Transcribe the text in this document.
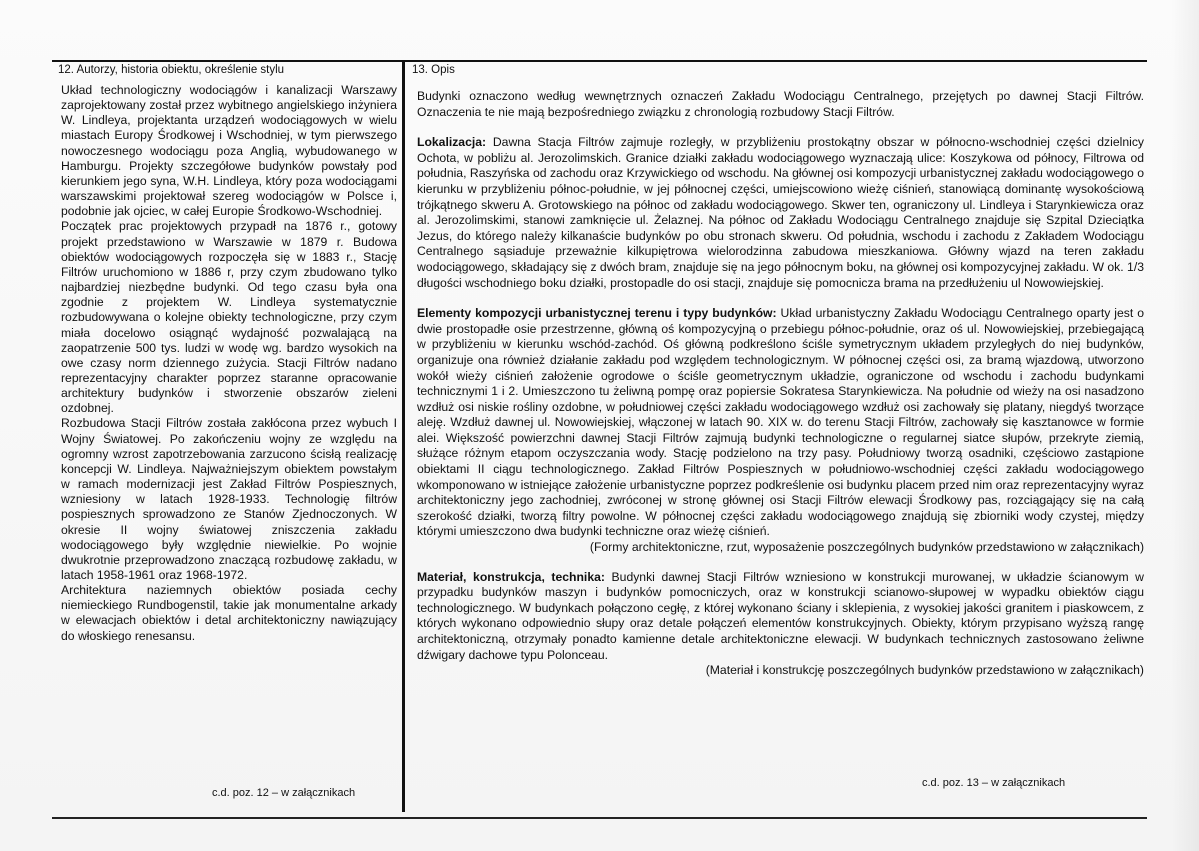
12. Autorzy, historia obiektu, określenie stylu	13. Opis

Układ technologiczny wodociągów i kanalizacji Warszawy zaprojektowany został przez wybitnego angielskiego inżyniera W. Lindleya, projektanta urządzeń wodociągowych w wielu miastach Europy Środkowej i Wschodniej, w tym pierwszego nowoczesnego wodociągu poza Anglią, wybudowanego w Hamburgu. Projekty szczegółowe budynków powstały pod kierunkiem jego syna, W.H. Lindleya, który poza wodociągami warszawskimi projektował szereg wodociągów w Polsce i, podobnie jak ojciec, w całej Europie Środkowo-Wschodniej.

Początek prac projektowych przypadł na 1876 r., gotowy projekt przedstawiono w Warszawie w 1879 r. Budowa obiektów wodociągowych rozpoczęła się w 1883 r., Stację Filtrów uruchomiono w 1886 r, przy czym zbudowano tylko najbardziej niezbędne budynki. Od tego czasu była ona zgodnie z projektem W. Lindleya systematycznie rozbudowywana o kolejne obiekty technologiczne, przy czym miała docelowo osiągnąć wydajność pozwalającą na zaopatrzenie 500 tys. ludzi w wodę wg. bardzo wysokich na owe czasy norm dziennego zużycia. Stacji Filtrów nadano reprezentacyjny charakter poprzez staranne opracowanie architektury budynków i stworzenie obszarów zieleni ozdobnej.

Rozbudowa Stacji Filtrów została zakłócona przez wybuch I Wojny Światowej. Po zakończeniu wojny ze względu na ogromny wzrost zapotrzebowania zarzucono ścisłą realizację koncepcji W. Lindleya. Najważniejszym obiektem powstałym w ramach modernizacji jest Zakład Filtrów Pospiesznych, wzniesiony w latach 1928-1933. Technologię filtrów pospiesznych sprowadzono ze Stanów Zjednoczonych. W okresie II wojny światowej zniszczenia zakładu wodociągowego były względnie niewielkie. Po wojnie dwukrotnie przeprowadzono znaczącą rozbudowę zakładu, w latach 1958-1961 oraz 1968-1972.

Architektura naziemnych obiektów posiada cechy niemieckiego Rundbogenstil, takie jak monumentalne arkady w elewacjach obiektów i detal architektoniczny nawiązujący do włoskiego renesansu.

c.d. poz. 12 – w załącznikach

Budynki oznaczono według wewnętrznych oznaczeń Zakładu Wodociągu Centralnego, przejętych po dawnej Stacji Filtrów. Oznaczenia te nie mają bezpośredniego związku z chronologią rozbudowy Stacji Filtrów.

Lokalizacja: Dawna Stacja Filtrów zajmuje rozległy, w przybliżeniu prostokątny obszar w północno-wschodniej części dzielnicy Ochota, w pobliżu al. Jerozolimskich. Granice działki zakładu wodociągowego wyznaczają ulice: Koszykowa od północy, Filtrowa od południa, Raszyńska od zachodu oraz Krzywickiego od wschodu. Na głównej osi kompozycji urbanistycznej zakładu wodociągowego o kierunku w przybliżeniu północ-południe, w jej północnej części, umiejscowiono wieżę ciśnień, stanowiącą dominantę wysokościową trójkątnego skweru A. Grotowskiego na północ od zakładu wodociągowego. Skwer ten, ograniczony ul. Lindleya i Starynkiewicza oraz al. Jerozolimskimi, stanowi zamknięcie ul. Żelaznej. Na północ od Zakładu Wodociągu Centralnego znajduje się Szpital Dzieciątka Jezus, do którego należy kilkanaście budynków po obu stronach skweru. Od południa, wschodu i zachodu z Zakładem Wodociągu Centralnego sąsiaduje przeważnie kilkupiętrowa wielorodzinna zabudowa mieszkaniowa. Główny wjazd na teren zakładu wodociągowego, składający się z dwóch bram, znajduje się na jego północnym boku, na głównej osi kompozycyjnej zakładu. W ok. 1/3 długości wschodniego boku działki, prostopadle do osi stacji, znajduje się pomocnicza brama na przedłużeniu ul Nowowiejskiej.

Elementy kompozycji urbanistycznej terenu i typy budynków: Układ urbanistyczny Zakładu Wodociągu Centralnego oparty jest o dwie prostopadłe osie przestrzenne, główną oś kompozycyjną o przebiegu północ-południe, oraz oś ul. Nowowiejskiej, przebiegającą w przybliżeniu w kierunku wschód-zachód. Oś główną podkreślono ściśle symetrycznym układem przyległych do niej budynków, organizuje ona również działanie zakładu pod względem technologicznym. W północnej części osi, za bramą wjazdową, utworzono wokół wieży ciśnień założenie ogrodowe o ściśle geometrycznym układzie, ograniczone od wschodu i zachodu budynkami technicznymi 1 i 2. Umieszczono tu żeliwną pompę oraz popiersie Sokratesa Starynkiewicza. Na południe od wieży na osi nasadzono wzdłuż osi niskie rośliny ozdobne, w południowej części zakładu wodociągowego wzdłuż osi zachowały się platany, niegdyś tworzące aleję. Wzdłuż dawnej ul. Nowowiejskiej, włączonej w latach 90. XIX w. do terenu Stacji Filtrów, zachowały się kasztanowce w formie alei. Większość powierzchni dawnej Stacji Filtrów zajmują budynki technologiczne o regularnej siatce słupów, przekryte ziemią, służące różnym etapom oczyszczania wody. Stację podzielono na trzy pasy. Południowy tworzą osadniki, częściowo zastąpione obiektami II ciągu technologicznego. Zakład Filtrów Pospiesznych w południowo-wschodniej części zakładu wodociągowego wkomponowano w istniejące założenie urbanistyczne poprzez podkreślenie osi budynku placem przed nim oraz reprezentacyjny wyraz architektoniczny jego zachodniej, zwróconej w stronę głównej osi Stacji Filtrów elewacji Środkowy pas, rozciągający się na całą szerokość działki, tworzą filtry powolne. W północnej części zakładu wodociągowego znajdują się zbiorniki wody czystej, między którymi umieszczono dwa budynki techniczne oraz wieżę ciśnień.

(Formy architektoniczne, rzut, wyposażenie poszczególnych budynków przedstawiono w załącznikach)

Materiał, konstrukcja, technika: Budynki dawnej Stacji Filtrów wzniesiono w konstrukcji murowanej, w układzie ścianowym w przypadku budynków maszyn i budynków pomocniczych, oraz w konstrukcji scianowo-słupowej w wypadku obiektów ciągu technologicznego. W budynkach połączono cegłę, z której wykonano ściany i sklepienia, z wysokiej jakości granitem i piaskowcem, z których wykonano odpowiednio słupy oraz detale połączeń elementów konstrukcyjnych. Obiekty, którym przypisano wyższą rangę architektoniczną, otrzymały ponadto kamienne detale architektoniczne elewacji. W budynkach technicznych zastosowano żeliwne dźwigary dachowe typu Polonceau.

(Materiał i konstrukcję poszczególnych budynków przedstawiono w załącznikach)

c.d. poz. 13 – w załącznikach
